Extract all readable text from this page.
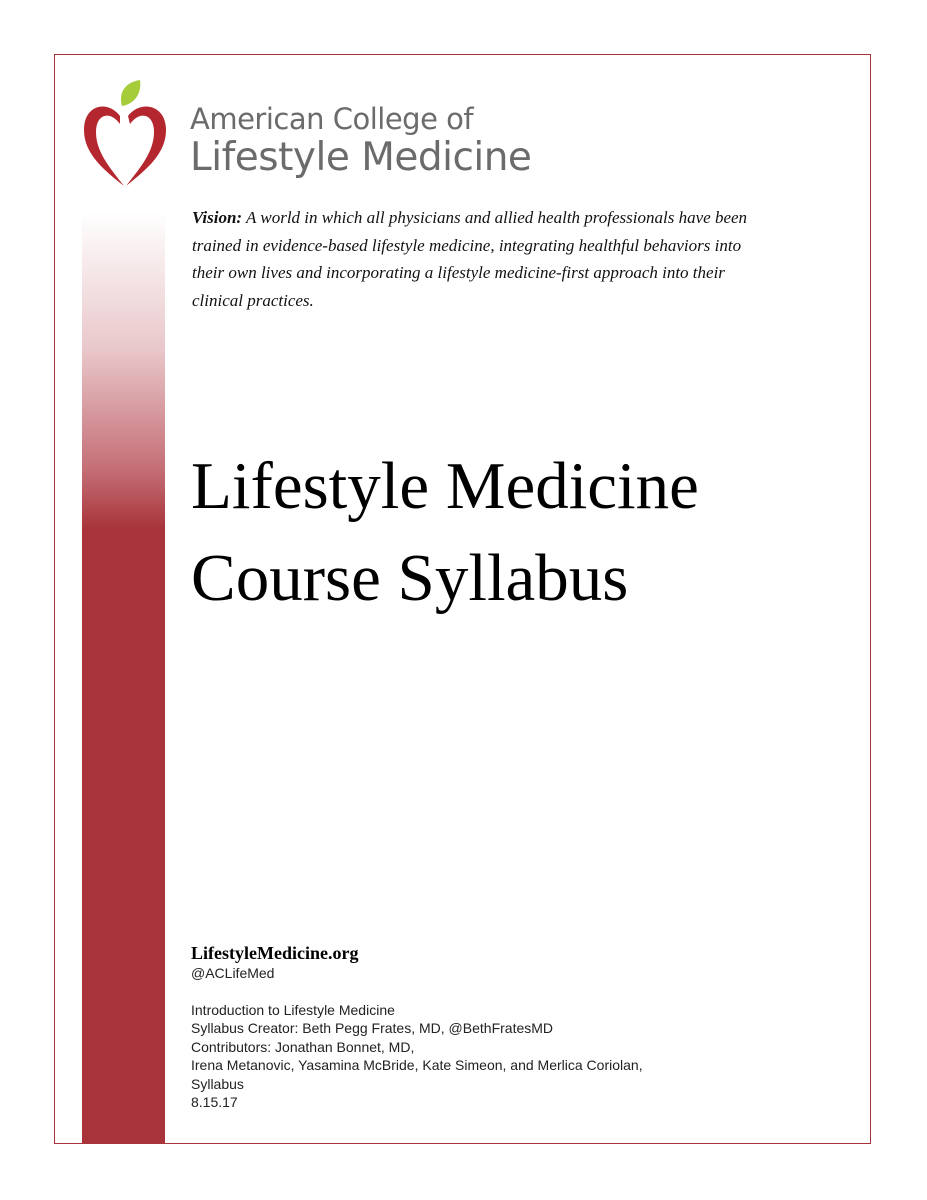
American College of
Lifestyle Medicine
Vision: A world in which all physicians and allied health professionals have been trained in evidence-based lifestyle medicine, integrating healthful behaviors into their own lives and incorporating a lifestyle medicine-first approach into their clinical practices.
Lifestyle Medicine
Course Syllabus
LifestyleMedicine.org
@ACLifeMed
Introduction to Lifestyle Medicine
Syllabus Creator: Beth Pegg Frates, MD, @BethFratesMD
Contributors: Jonathan Bonnet, MD,
Irena Metanovic, Yasamina McBride, Kate Simeon, and Merlica Coriolan,
Syllabus
8.15.17
